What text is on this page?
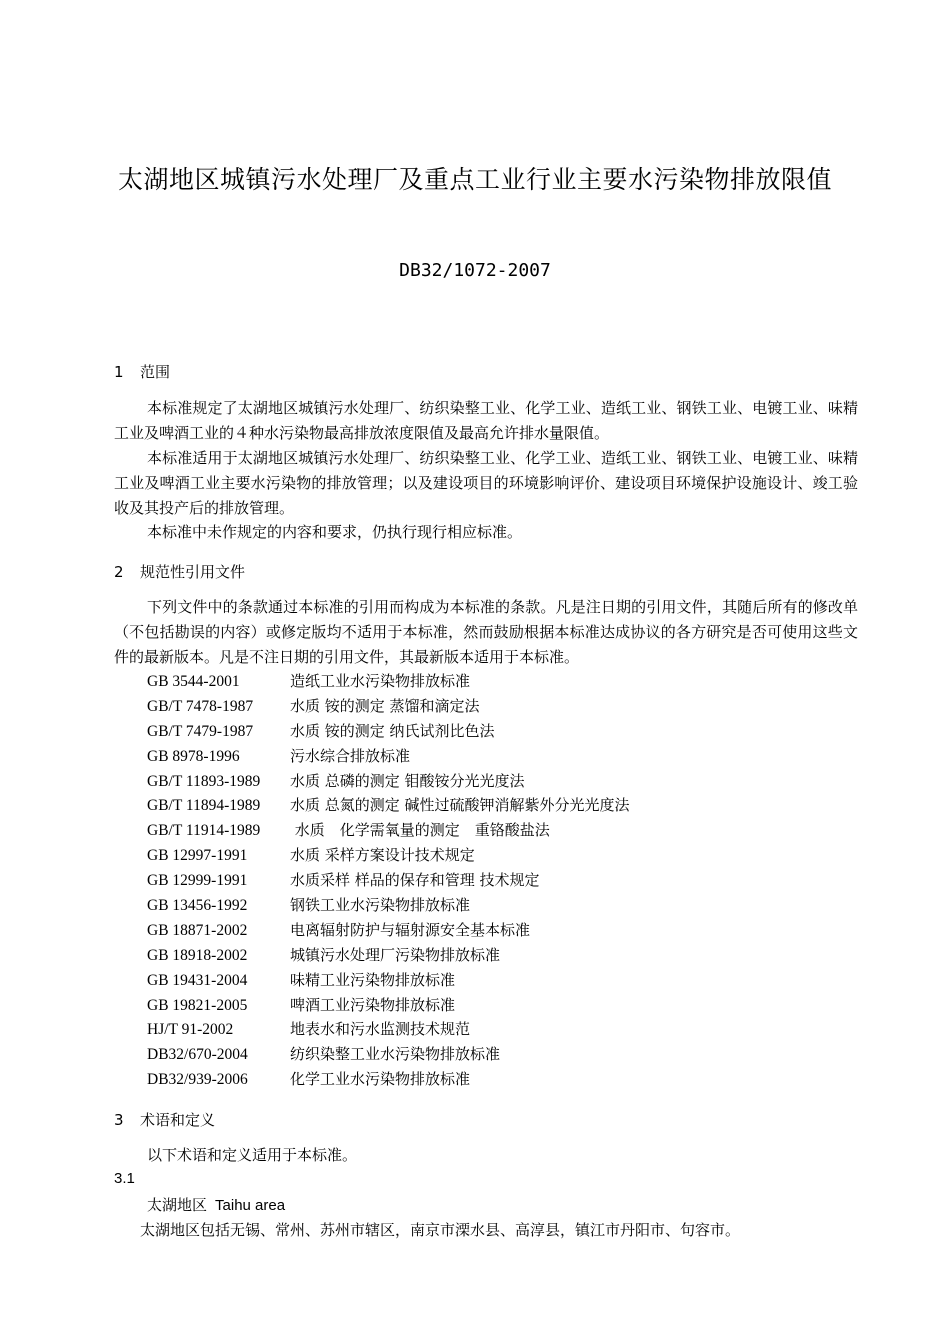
太湖地区城镇污水处理厂及重点工业行业主要水污染物排放限值
DB32/1072-2007
1 范围
本标准规定了太湖地区城镇污水处理厂、纺织染整工业、化学工业、造纸工业、钢铁工业、电镀工业、味精工业及啤酒工业的４种水污染物最高排放浓度限值及最高允许排水量限值。
本标准适用于太湖地区城镇污水处理厂、纺织染整工业、化学工业、造纸工业、钢铁工业、电镀工业、味精工业及啤酒工业主要水污染物的排放管理；以及建设项目的环境影响评价、建设项目环境保护设施设计、竣工验收及其投产后的排放管理。
本标准中未作规定的内容和要求，仍执行现行相应标准。
2 规范性引用文件
下列文件中的条款通过本标准的引用而构成为本标准的条款。凡是注日期的引用文件，其随后所有的修改单（不包括勘误的内容）或修定版均不适用于本标准，然而鼓励根据本标准达成协议的各方研究是否可使用这些文件的最新版本。凡是不注日期的引用文件，其最新版本适用于本标准。
GB 3544-2001	造纸工业水污染物排放标准
GB/T 7478-1987 水质 铵的测定 蒸馏和滴定法
GB/T 7479-1987 水质 铵的测定 纳氏试剂比色法
GB 8978-1996	污水综合排放标准
GB/T 11893-1989 水质 总磷的测定 钼酸铵分光光度法
GB/T 11894-1989 水质 总氮的测定 碱性过硫酸钾消解紫外分光光度法
GB/T 11914-1989 水质　化学需氧量的测定　重铬酸盐法
GB 12997-1991	水质 采样方案设计技术规定
GB 12999-1991	水质采样 样品的保存和管理 技术规定
GB 13456-1992	钢铁工业水污染物排放标准
GB 18871-2002	电离辐射防护与辐射源安全基本标准
GB 18918-2002	城镇污水处理厂污染物排放标准
GB 19431-2004	味精工业污染物排放标准
GB 19821-2005	啤酒工业污染物排放标准
HJ/T 91-2002	地表水和污水监测技术规范
DB32/670-2004	纺织染整工业水污染物排放标准
DB32/939-2006	化学工业水污染物排放标准
3 术语和定义
以下术语和定义适用于本标准。
3.1
太湖地区 Taihu area
太湖地区包括无锡、常州、苏州市辖区，南京市溧水县、高淳县，镇江市丹阳市、句容市。
